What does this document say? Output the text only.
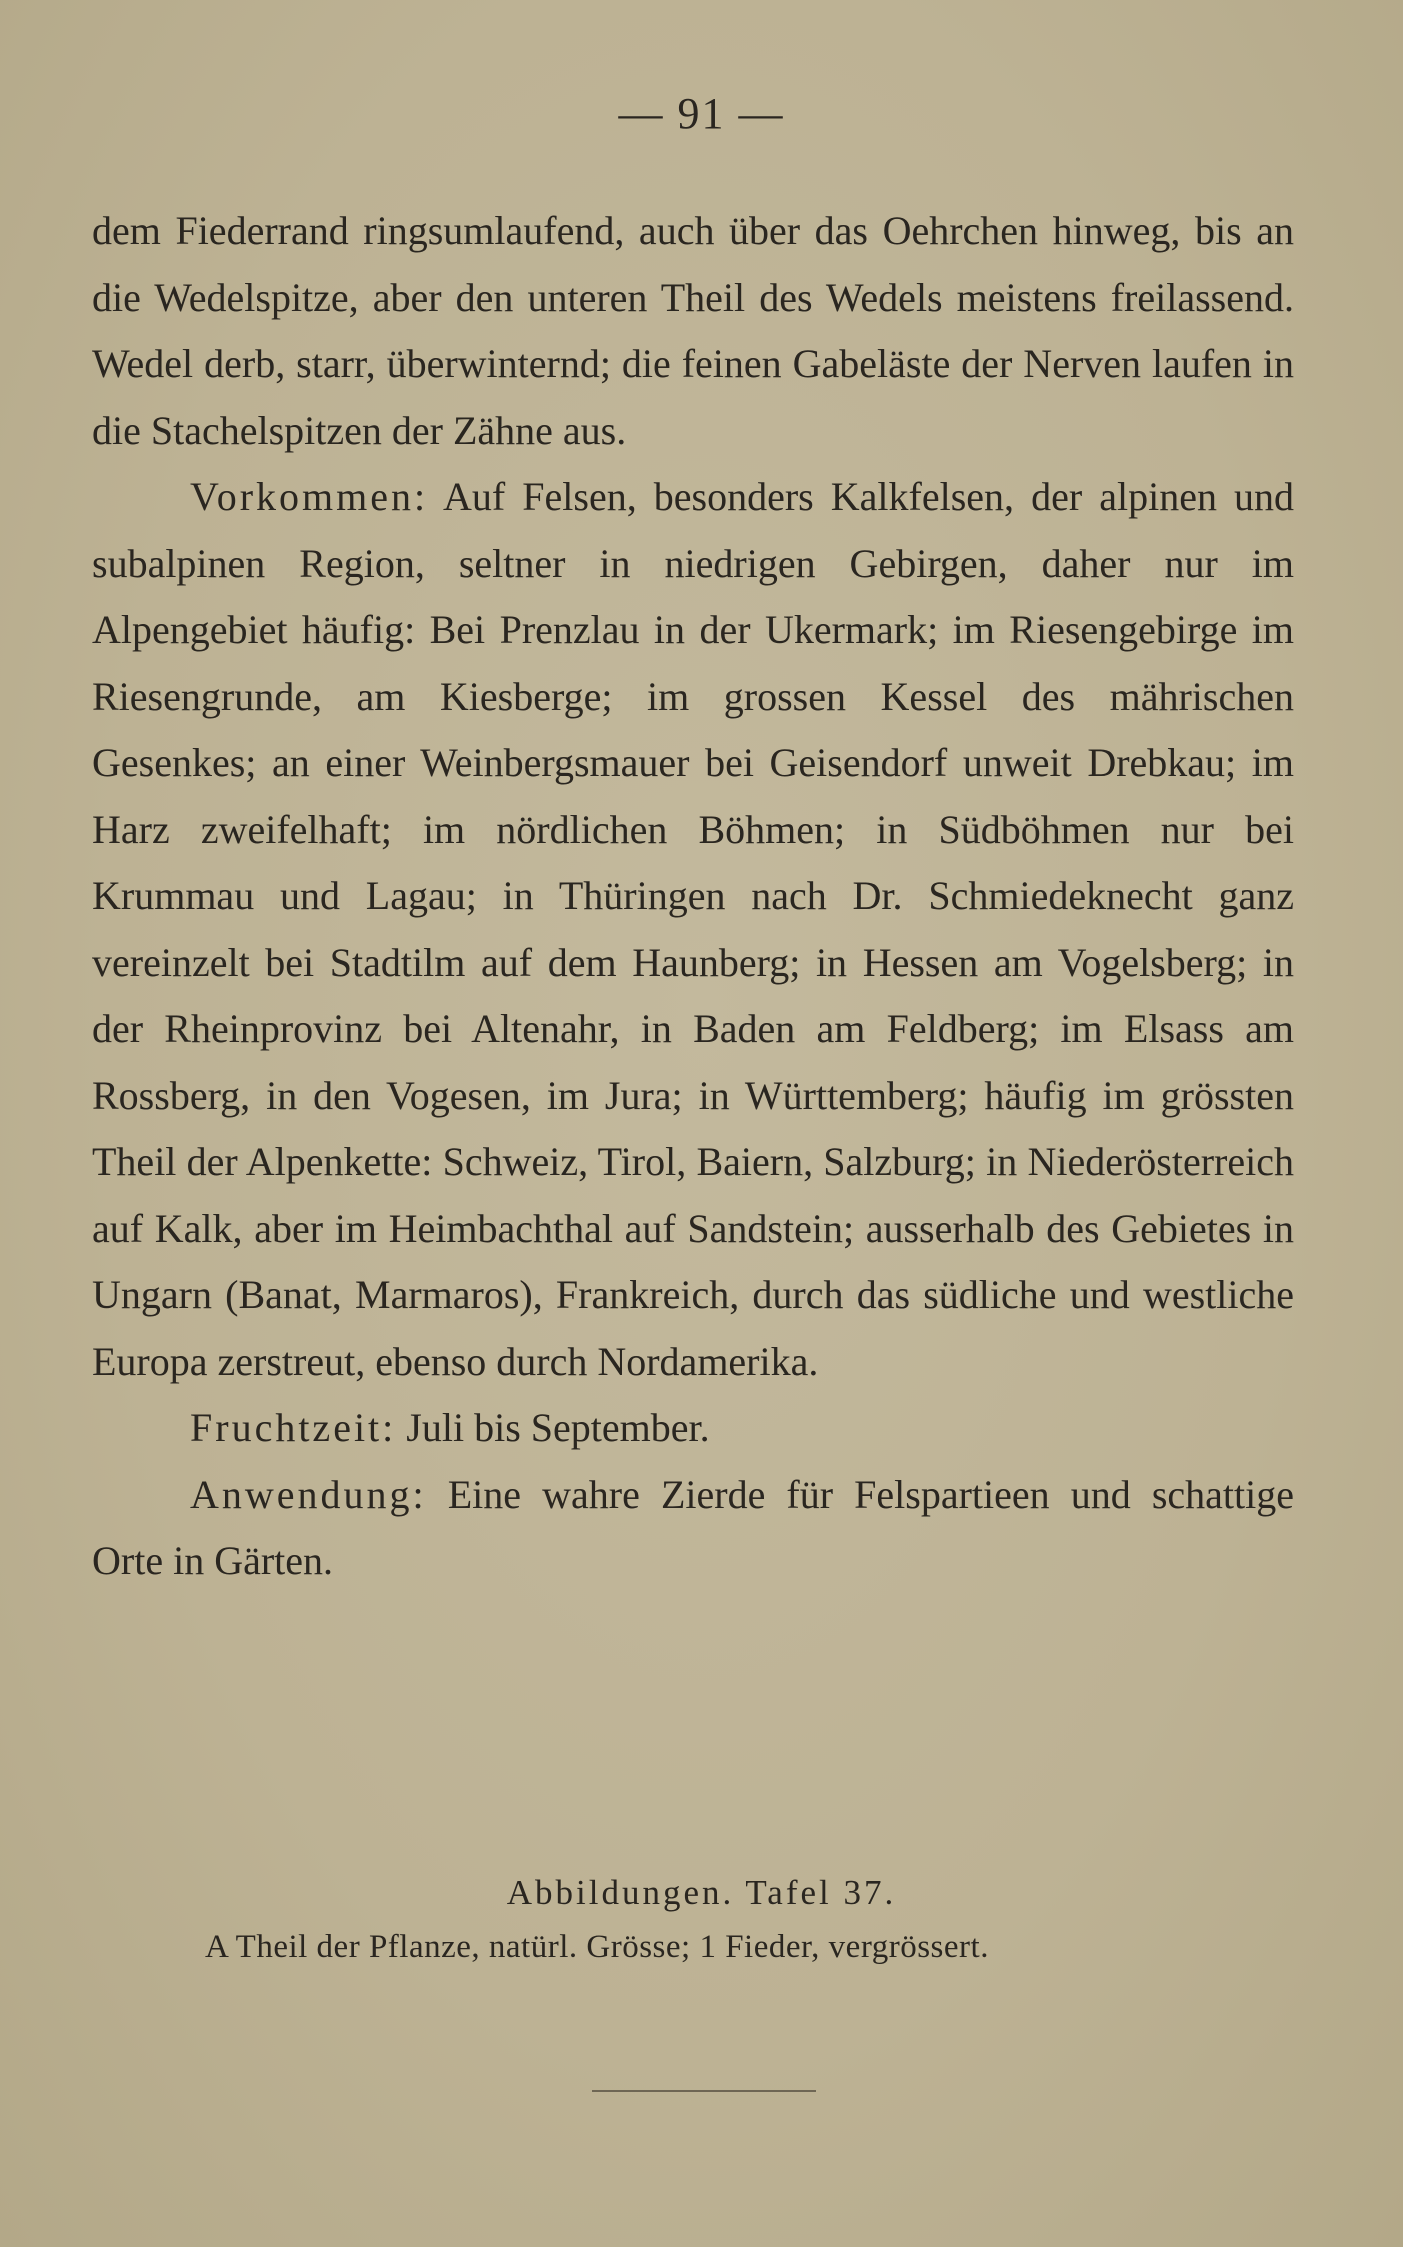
— 91 —

dem Fiederrand ringsumlaufend, auch über das Oehrchen hinweg, bis an die Wedelspitze, aber den unteren Theil des Wedels meistens freilassend. Wedel derb, starr, überwinternd; die feinen Gabeläste der Nerven laufen in die Stachelspitzen der Zähne aus.

Vorkommen: Auf Felsen, besonders Kalkfelsen, der alpinen und subalpinen Region, seltner in niedrigen Gebirgen, daher nur im Alpengebiet häufig: Bei Prenzlau in der Ukermark; im Riesengebirge im Riesengrunde, am Kiesberge; im grossen Kessel des mährischen Gesenkes; an einer Weinbergsmauer bei Geisendorf unweit Drebkau; im Harz zweifelhaft; im nördlichen Böhmen; in Südböhmen nur bei Krummau und Lagau; in Thüringen nach Dr. Schmiedeknecht ganz vereinzelt bei Stadtilm auf dem Haunberg; in Hessen am Vogelsberg; in der Rheinprovinz bei Altenahr, in Baden am Feldberg; im Elsass am Rossberg, in den Vogesen, im Jura; in Württemberg; häufig im grössten Theil der Alpenkette: Schweiz, Tirol, Baiern, Salzburg; in Niederösterreich auf Kalk, aber im Heimbachthal auf Sandstein; ausserhalb des Gebietes in Ungarn (Banat, Marmaros), Frankreich, durch das südliche und westliche Europa zerstreut, ebenso durch Nordamerika.

Fruchtzeit: Juli bis September.

Anwendung: Eine wahre Zierde für Felspartieen und schattige Orte in Gärten.

Abbildungen. Tafel 37.
A Theil der Pflanze, natürl. Grösse; 1 Fieder, vergrössert.
